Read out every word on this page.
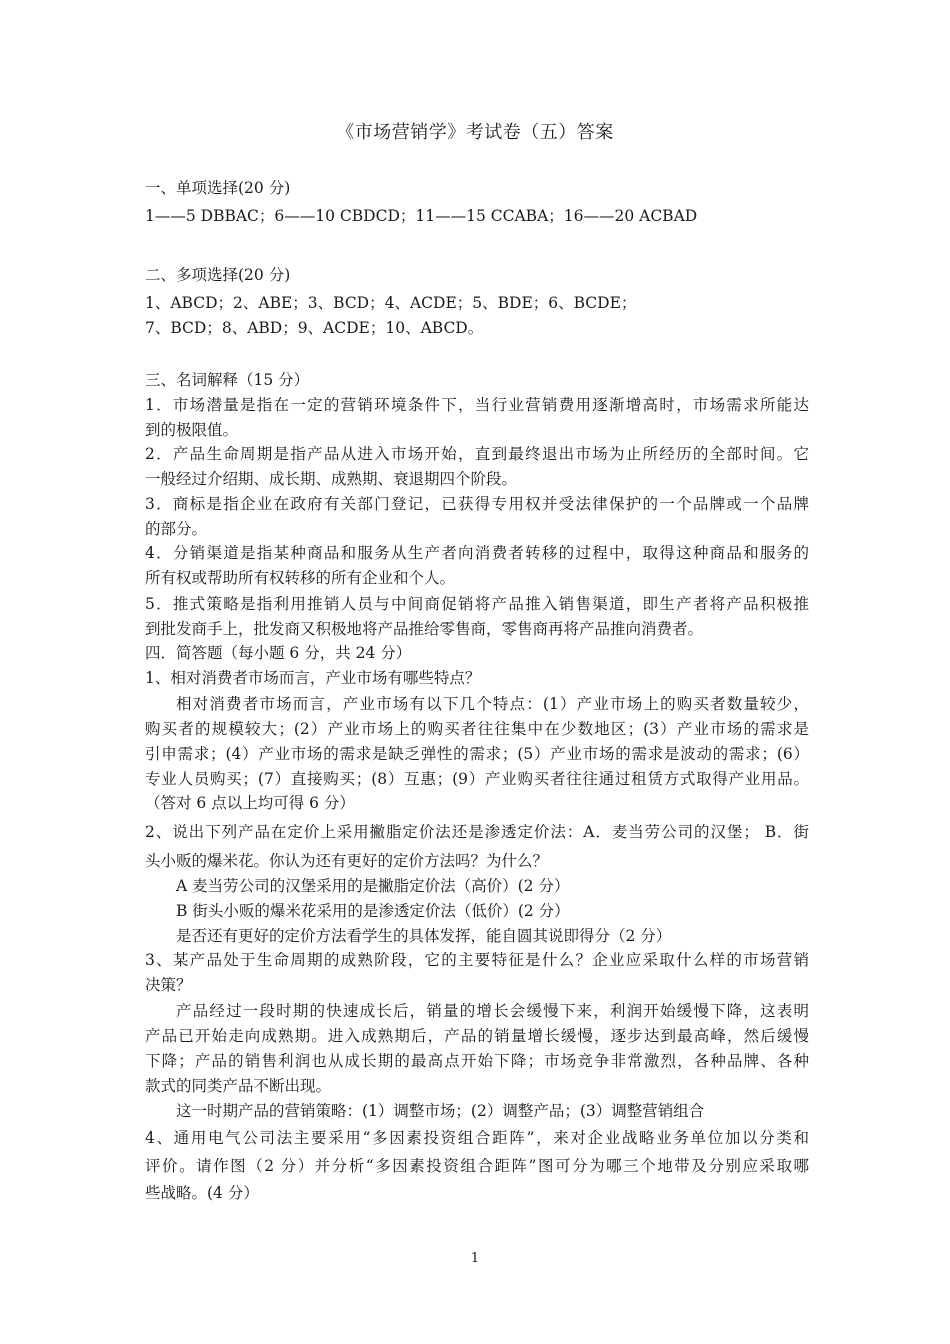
《市场营销学》考试卷（五）答案
一、单项选择(20 分)
1——5 DBBAC；6——10 CBDCD；11——15 CCABA；16——20 ACBAD
二、多项选择(20 分)
1、ABCD；2、ABE；3、BCD；4、ACDE；5、BDE；6、BCDE；
7、BCD；8、ABD；9、ACDE；10、ABCD。
三、名词解释（15 分）
1．市场潜量是指在一定的营销环境条件下，当行业营销费用逐渐增高时，市场需求所能达
到的极限值。
2．产品生命周期是指产品从进入市场开始，直到最终退出市场为止所经历的全部时间。它
一般经过介绍期、成长期、成熟期、衰退期四个阶段。
3．商标是指企业在政府有关部门登记，已获得专用权并受法律保护的一个品牌或一个品牌
的部分。
4．分销渠道是指某种商品和服务从生产者向消费者转移的过程中，取得这种商品和服务的
所有权或帮助所有权转移的所有企业和个人。
5．推式策略是指利用推销人员与中间商促销将产品推入销售渠道，即生产者将产品积极推
到批发商手上，批发商又积极地将产品推给零售商，零售商再将产品推向消费者。
四．简答题（每小题 6 分，共 24 分）
1、相对消费者市场而言，产业市场有哪些特点？
相对消费者市场而言，产业市场有以下几个特点：(1）产业市场上的购买者数量较少，
购买者的规模较大；(2）产业市场上的购买者往往集中在少数地区；(3）产业市场的需求是
引申需求；(4）产业市场的需求是缺乏弹性的需求；(5）产业市场的需求是波动的需求；(6）
专业人员购买；(7）直接购买；(8）互惠；(9）产业购买者往往通过租赁方式取得产业用品。
（答对 6 点以上均可得 6 分）
2、说出下列产品在定价上采用撇脂定价法还是渗透定价法：A．麦当劳公司的汉堡； B．街
头小贩的爆米花。你认为还有更好的定价方法吗？为什么？
A 麦当劳公司的汉堡采用的是撇脂定价法（高价）(2 分）
B 街头小贩的爆米花采用的是渗透定价法（低价）(2 分）
是否还有更好的定价方法看学生的具体发挥，能自圆其说即得分（2 分）
3、某产品处于生命周期的成熟阶段，它的主要特征是什么？企业应采取什么样的市场营销
决策？
产品经过一段时期的快速成长后，销量的增长会缓慢下来，利润开始缓慢下降，这表明
产品已开始走向成熟期。进入成熟期后，产品的销量增长缓慢，逐步达到最高峰，然后缓慢
下降；产品的销售利润也从成长期的最高点开始下降；市场竞争非常激烈，各种品牌、各种
款式的同类产品不断出现。
这一时期产品的营销策略：(1）调整市场；(2）调整产品；(3）调整营销组合
4、通用电气公司法主要采用“多因素投资组合距阵”，来对企业战略业务单位加以分类和
评价。请作图（2 分）并分析“多因素投资组合距阵”图可分为哪三个地带及分别应采取哪
些战略。(4 分）
1
